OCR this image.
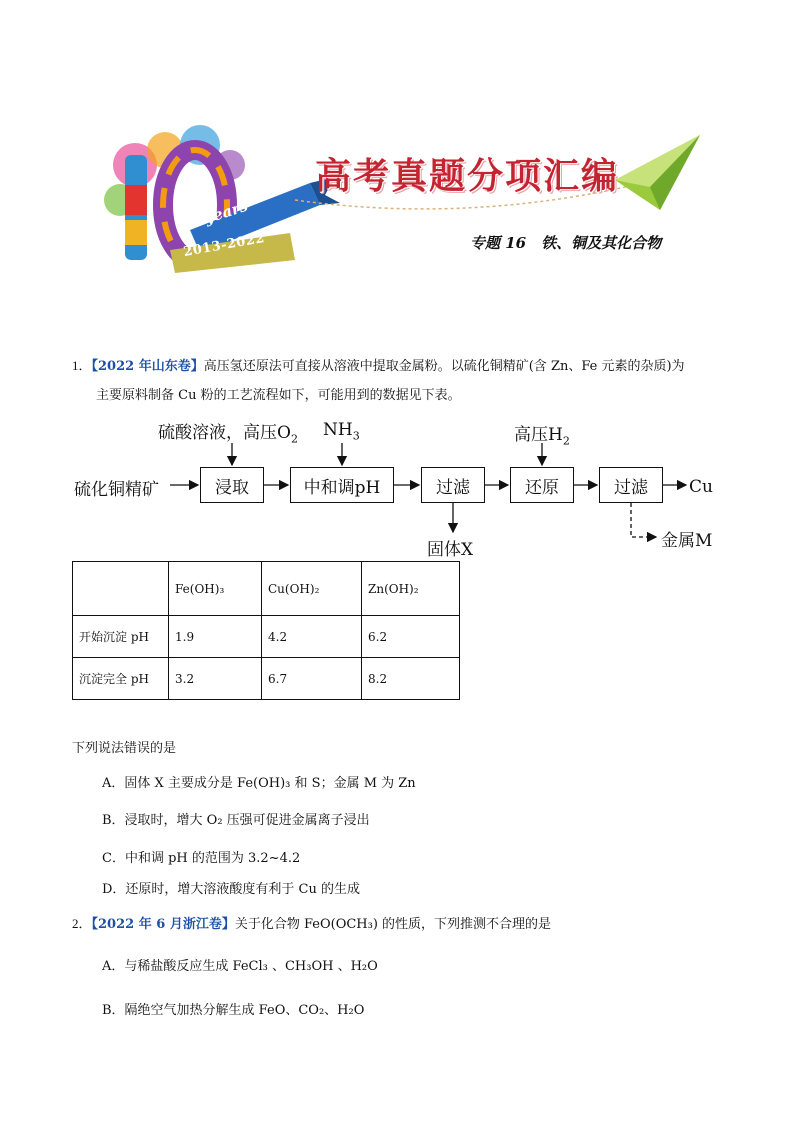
高考真题分项汇编
years
2013-2022	专题 16　铁、铜及其化合物
1．【2022 年山东卷】高压氢还原法可直接从溶液中提取金属粉。以硫化铜精矿(含 Zn、Fe 元素的杂质)为
主要原料制备 Cu 粉的工艺流程如下，可能用到的数据见下表。
硫酸溶液，高压$O_2$ $NH_3$	高压$H_2$
硫化铜精矿	浸取	中和调pH	过滤	还原	过滤	Cu
固体X	金属M
	Fe(OH)₃	Cu(OH)₂	Zn(OH)₂
开始沉淀 pH	1.9	4.2	6.2
沉淀完全 pH	3.2	6.7	8.2
下列说法错误的是
A．固体 X 主要成分是 Fe(OH)₃ 和 S；金属 M 为 Zn
B．浸取时，增大 O₂ 压强可促进金属离子浸出
C．中和调 pH 的范围为 3.2~4.2
D．还原时，增大溶液酸度有利于 Cu 的生成
2．【2022 年 6 月浙江卷】关于化合物 FeO(OCH₃) 的性质，下列推测不合理的是
A．与稀盐酸反应生成 FeCl₃ 、CH₃OH 、H₂O
B．隔绝空气加热分解生成 FeO、CO₂、H₂O
